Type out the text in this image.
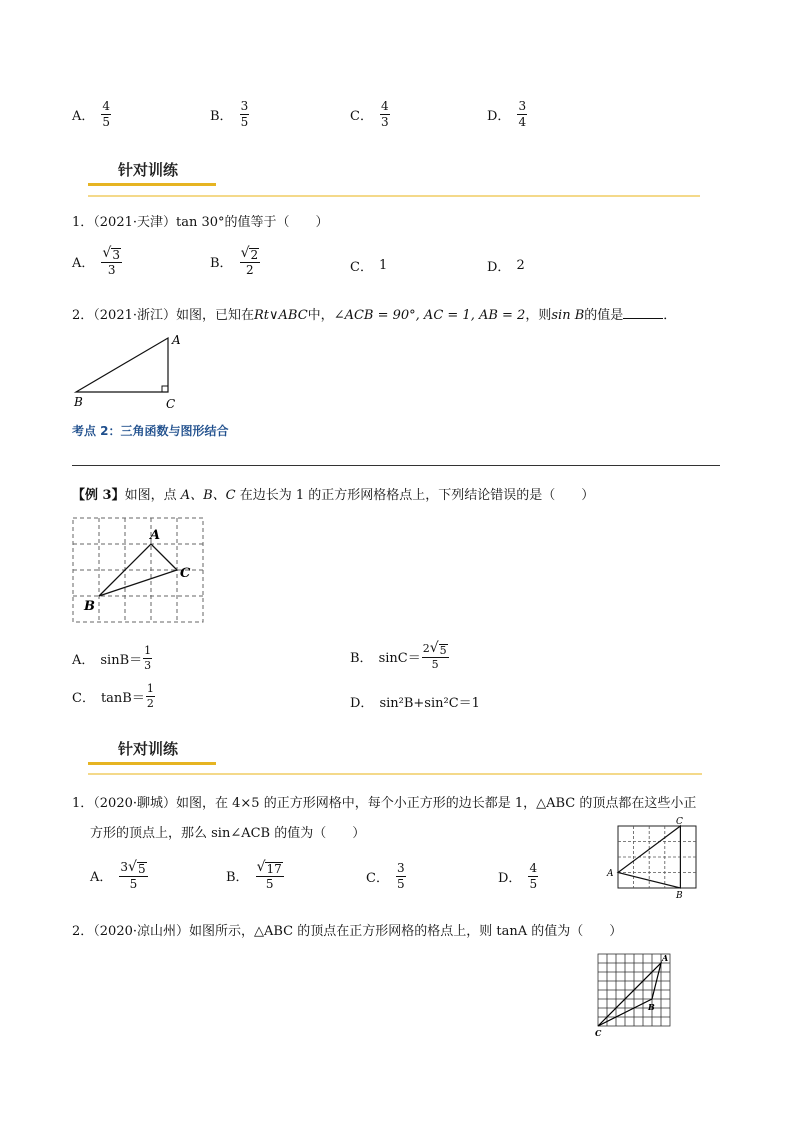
A． $\frac{4}{5}$	B． $\frac{3}{5}$	C． $\frac{4}{3}$	D． $\frac{3}{4}$
针对训练
1．（2021·天津）tan 30°的值等于（　　）
A． $\frac{√ 3}{3}$	B． $\frac{√ 2}{2}$	C． 1	D． 2
2．（2021·浙江）如图，已知在Rt∨ABC中，∠ACB = 90°, AC = 1, AB = 2，则sin B的值是	．
A
B	C
考点 2：三角函数与图形结合
【例 3】如图，点 A、B、C 在边长为 1 的正方形网格格点上，下列结论错误的是（　　）
A
B
C
A． $\sin B= \frac{1}{3}$	B． $\sin C= \frac{2 √ 5}{5}$
C． $\tan B= \frac{1}{2}$	D． sin²B+sin²C＝1
针对训练
1．（2020·聊城）如图，在 4×5 的正方形网格中，每个小正方形的边长都是 1，△ABC 的顶点都在这些小正
方形的顶点上，那么 sin∠ACB 的值为（　　）
A
B
C
A． $\frac{3 √ 5}{5}$	B． $\frac{√ 17}{5}$	C． $\frac{3}{5}$	D． $\frac{4}{5}$
2．（2020·凉山州）如图所示，△ABC 的顶点在正方形网格的格点上，则 tanA 的值为（　　）
A
B
C
